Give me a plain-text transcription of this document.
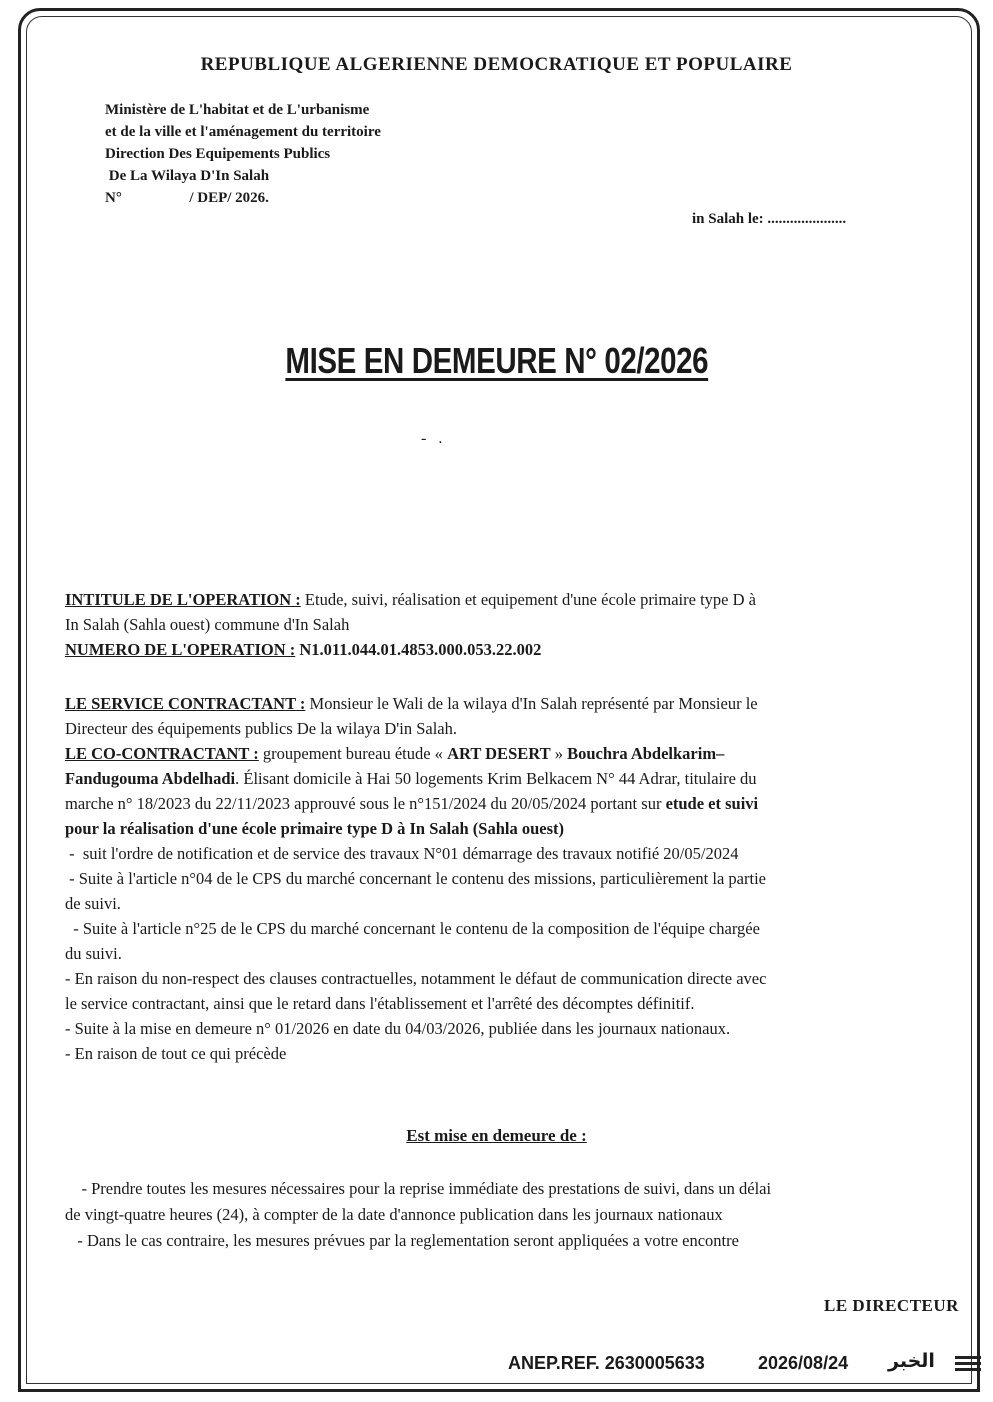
REPUBLIQUE ALGERIENNE DEMOCRATIQUE ET POPULAIRE
Ministère de L'habitat et de L'urbanisme
et de la ville et l'aménagement du territoire
Direction Des Equipements Publics
De La Wilaya D'In Salah
N°                  / DEP/ 2026.
in Salah le: .....................
MISE EN DEMEURE N° 02/2026
-   .
INTITULE DE L'OPERATION : Etude, suivi, réalisation et equipement d'une école primaire type D à
In Salah (Sahla ouest) commune d'In Salah
NUMERO DE L'OPERATION : N1.011.044.01.4853.000.053.22.002
LE SERVICE CONTRACTANT : Monsieur le Wali de la wilaya d'In Salah représenté par Monsieur le
Directeur des équipements publics De la wilaya D'in Salah.
LE CO-CONTRACTANT : groupement bureau étude « ART DESERT » Bouchra Abdelkarim–
Fandugouma Abdelhadi. Élisant domicile à Hai 50 logements Krim Belkacem N° 44 Adrar, titulaire du
marche n° 18/2023 du 22/11/2023 approuvé sous le n°151/2024 du 20/05/2024 portant sur etude et suivi
pour la réalisation d'une école primaire type D à In Salah (Sahla ouest)
-  suit l'ordre de notification et de service des travaux N°01 démarrage des travaux notifié 20/05/2024
- Suite à l'article n°04 de le CPS du marché concernant le contenu des missions, particulièrement la partie
de suivi.
- Suite à l'article n°25 de le CPS du marché concernant le contenu de la composition de l'équipe chargée
du suivi.
- En raison du non-respect des clauses contractuelles, notamment le défaut de communication directe avec
le service contractant, ainsi que le retard dans l'établissement et l'arrêté des décomptes définitif.
- Suite à la mise en demeure n° 01/2026 en date du 04/03/2026, publiée dans les journaux nationaux.
- En raison de tout ce qui précède
Est mise en demeure de :
- Prendre toutes les mesures nécessaires pour la reprise immédiate des prestations de suivi, dans un délai
de vingt-quatre heures (24), à compter de la date d'annonce publication dans les journaux nationaux
- Dans le cas contraire, les mesures prévues par la reglementation seront appliquées a votre encontre
LE DIRECTEUR
ANEP.REF. 2630005633	2026/08/24 الخبر
